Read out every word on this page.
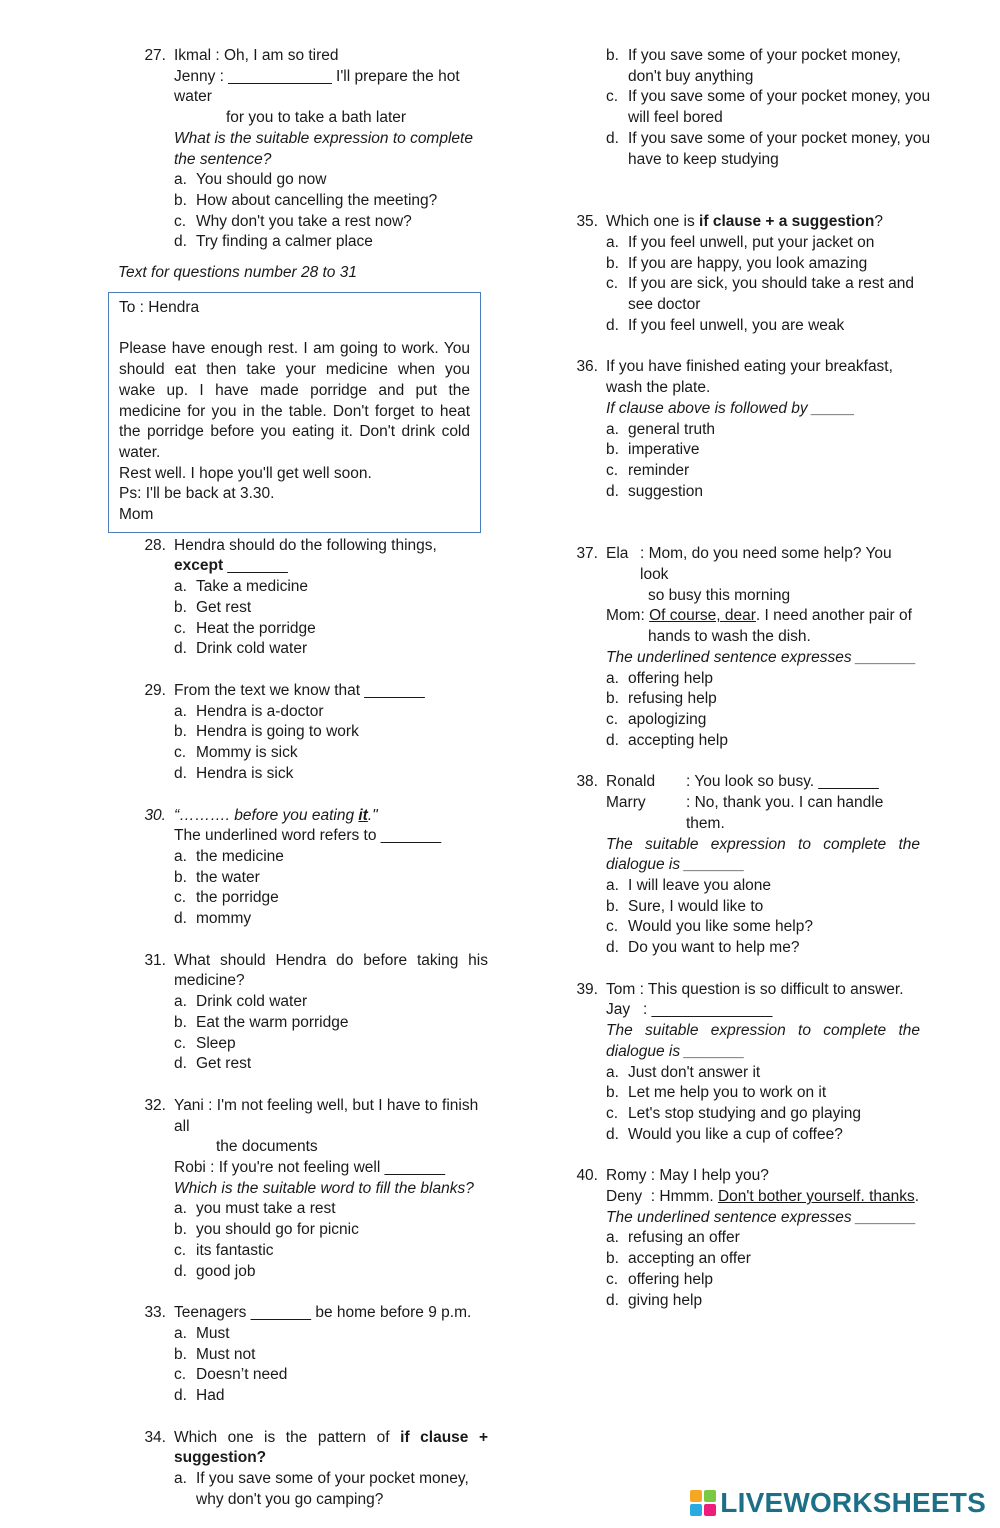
27. Ikmal : Oh, I am so tired
Jenny : ____________ I'll prepare the hot water
for you to take a bath later
What is the suitable expression to complete the sentence?
a. You should go now
b. How about cancelling the meeting?
c. Why don't you take a rest now?
d. Try finding a calmer place
Text for questions number 28 to 31

To : Hendra

Please have enough rest. I am going to work. You should eat then take your medicine when you wake up. I have made porridge and put the medicine for you in the table. Don't forget to heat the porridge before you eating it. Don't drink cold water.

Rest well. I hope you'll get well soon.

Ps: I'll be back at 3.30.

Mom

28. Hendra should do the following things,
except _______
a. Take a medicine
b. Get rest
c. Heat the porridge
d. Drink cold water
29. From the text we know that _______
a. Hendra is a-doctor
b. Hendra is going to work
c. Mommy is sick
d. Hendra is sick
30. “………. before you eating it."
The underlined word refers to _______
a. the medicine
b. the water
c. the porridge
d. mommy
31. What should Hendra do before taking his medicine?
a. Drink cold water
b. Eat the warm porridge
c. Sleep
d. Get rest
32. Yani : I'm not feeling well, but I have to finish all
the documents
Robi : If you're not feeling well _______
Which is the suitable word to fill the blanks?
a. you must take a rest
b. you should go for picnic
c. its fantastic
d. good job
33. Teenagers _______ be home before 9 p.m.
a. Must
b. Must not
c. Doesn’t need
d. Had
34. Which one is the pattern of if clause + suggestion?
a. If you save some of your pocket money, why don't you go camping?
b. If you save some of your pocket money, don't buy anything
c. If you save some of your pocket money, you will feel bored
d. If you save some of your pocket money, you have to keep studying
35. Which one is if clause + a suggestion?
a. If you feel unwell, put your jacket on
b. If you are happy, you look amazing
c. If you are sick, you should take a rest and see doctor
d. If you feel unwell, you are weak
36. If you have finished eating your breakfast, wash the plate.
If clause above is followed by _____
a. general truth
b. imperative
c. reminder
d. suggestion
37. Ela : Mom, do you need some help? You look
so busy this morning
Mom : Of course, dear . I need another pair of
hands to wash the dish.
The underlined sentence expresses _______
a. offering help
b. refusing help
c. apologizing
d. accepting help
38. Ronald	: You look so busy. _______
Marry	: No, thank you. I can handle them.
The suitable expression to complete the dialogue is _______
a. I will leave you alone
b. Sure, I would like to
c. Would you like some help?
d. Do you want to help me?
39. Tom : This question is so difficult to answer.
Jay   : ______________
The suitable expression to complete the dialogue is _______
a. Just don't answer it
b. Let me help you to work on it
c. Let's stop studying and go playing
d. Would you like a cup of coffee?
40. Romy : May I help you?
Deny  : Hmmm. Don't bother yourself. thanks.
The underlined sentence expresses _______
a. refusing an offer
b. accepting an offer
c. offering help
d. giving help
LIVEWORKSHEETS
